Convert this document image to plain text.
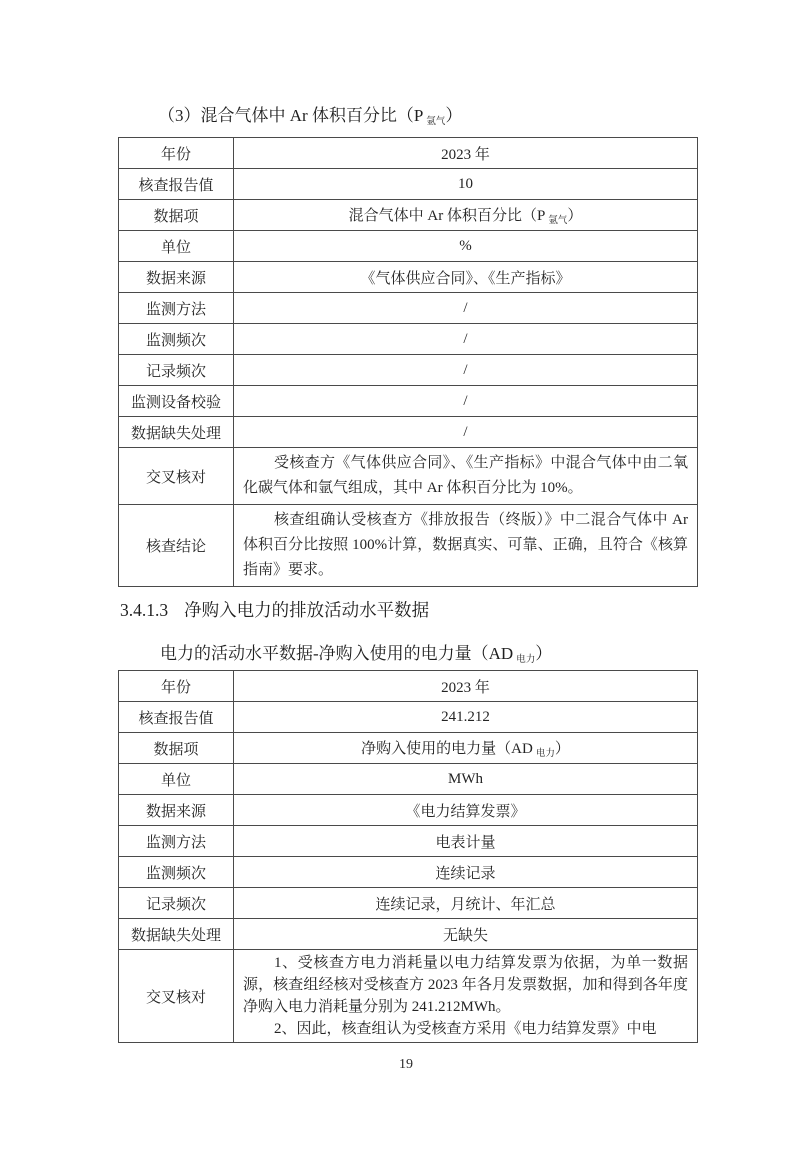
（3）混合气体中 Ar 体积百分比（P $_{氩气}$）

年份	2023 年
核查报告值	10
数据项	混合气体中 Ar 体积百分比（P $_{氩气}$）
单位	%
数据来源	《气体供应合同》、《生产指标》
监测方法	/
监测频次	/
记录频次	/
监测设备校验	/
数据缺失处理	/
交叉核对	受核查方《气体供应合同》、《生产指标》中混合气体中由二氧化碳气体和氩气组成，其中 Ar 体积百分比为 10%。

核查结论	核查组确认受核查方《排放报告（终版）》中二混合气体中 Ar 体积百分比按照 100%计算，数据真实、可靠、正确，且符合《核算指南》要求。

3.4.1.3 净购入电力的排放活动水平数据

电力的活动水平数据-净购入使用的电力量（AD $_{电力}$）

年份	2023 年
核查报告值	241.212
数据项	净购入使用的电力量（AD $_{电力}$）
单位	MWh
数据来源	《电力结算发票》
监测方法	电表计量
监测频次	连续记录
记录频次	连续记录，月统计、年汇总
数据缺失处理	无缺失
交叉核对	1、受核查方电力消耗量以电力结算发票为依据，为单一数据源，核查组经核对受核查方 2023 年各月发票数据，加和得到各年度净购入电力消耗量分别为 241.212MWh。

2、因此，核查组认为受核查方采用《电力结算发票》中电

19
